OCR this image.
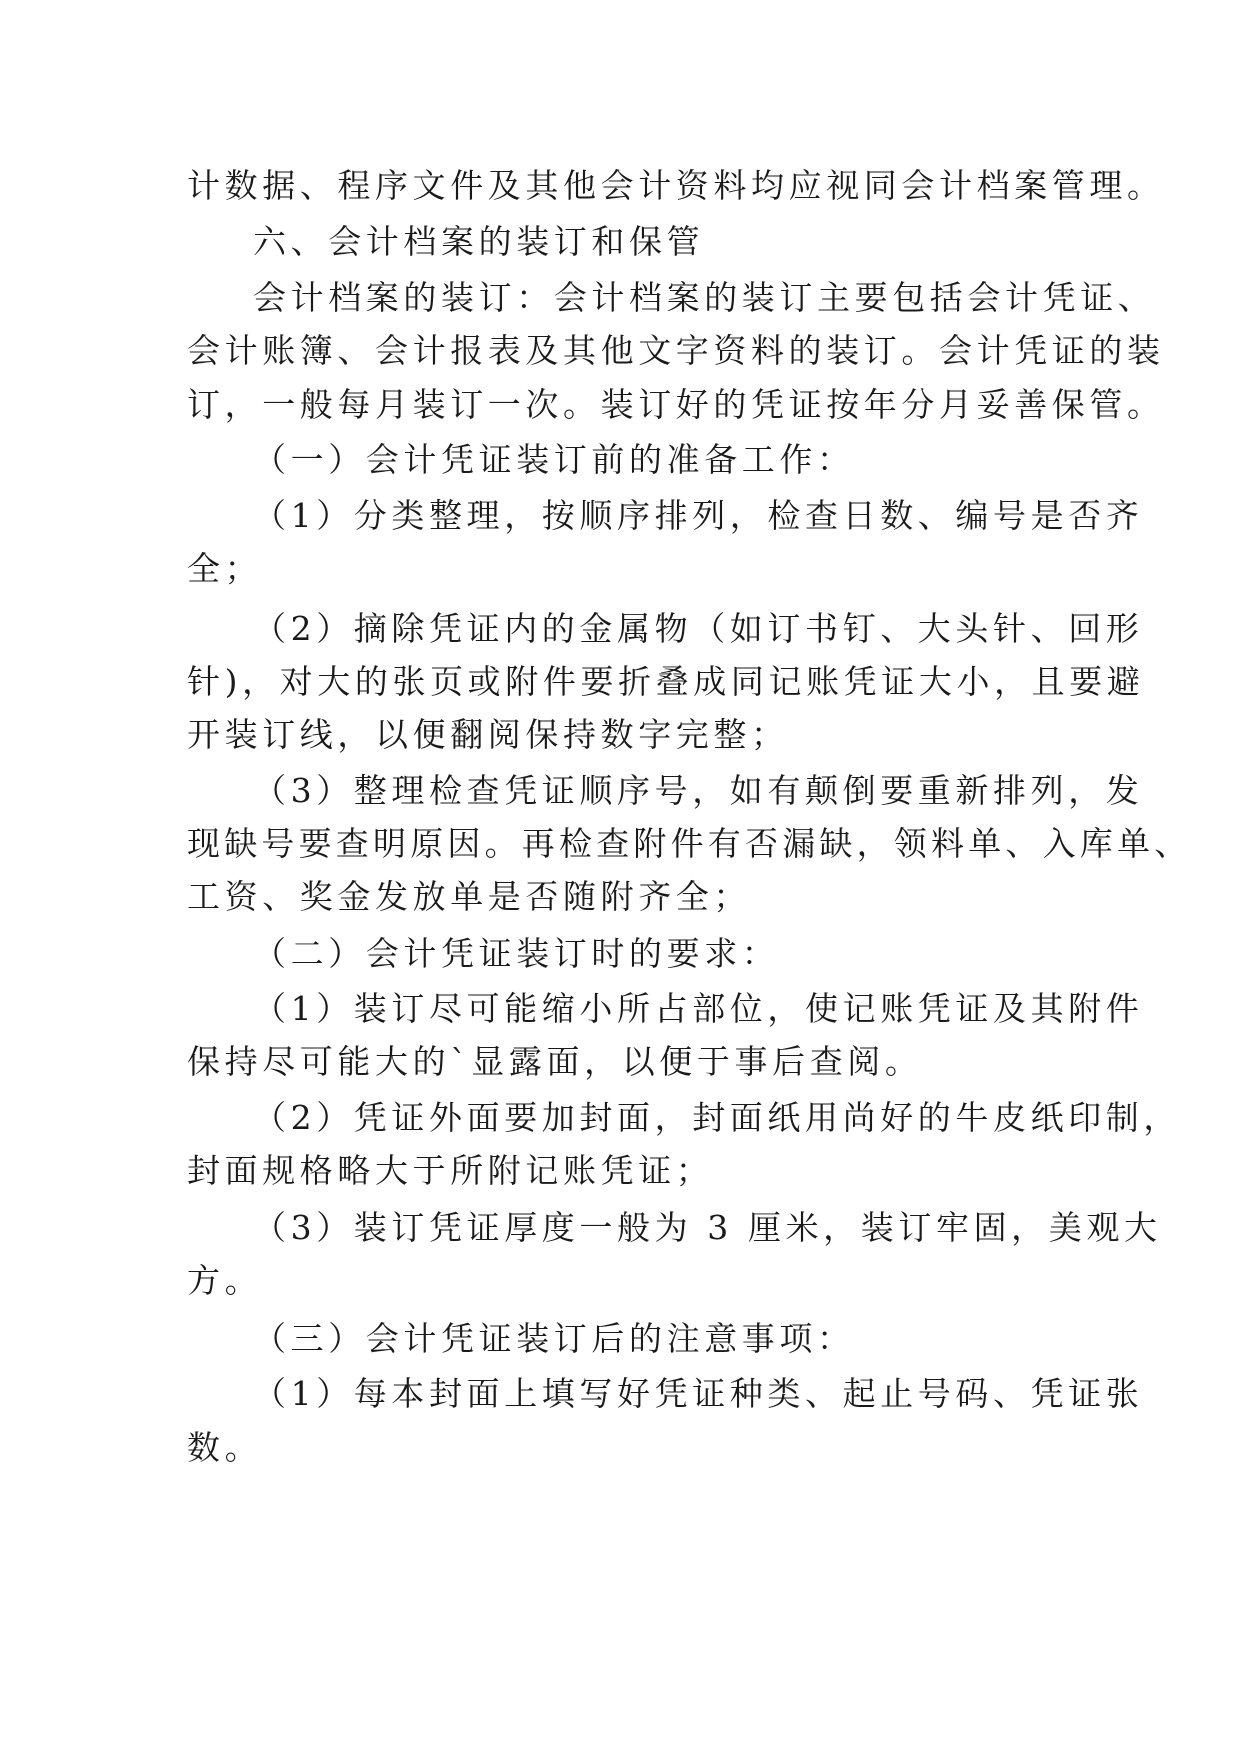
计数据、程序文件及其他会计资料均应视同会计档案管理。
六、会计档案的装订和保管
会计档案的装订：会计档案的装订主要包括会计凭证、
会计账簿、会计报表及其他文字资料的装订。会计凭证的装
订，一般每月装订一次。装订好的凭证按年分月妥善保管。
（一）会计凭证装订前的准备工作：
（1）分类整理，按顺序排列，检查日数、编号是否齐
全；
（2）摘除凭证内的金属物（如订书钉、大头针、回形
针)，对大的张页或附件要折叠成同记账凭证大小，且要避
开装订线，以便翻阅保持数字完整；
（3）整理检查凭证顺序号，如有颠倒要重新排列，发
现缺号要查明原因。再检查附件有否漏缺，领料单、入库单、
工资、奖金发放单是否随附齐全；
（二）会计凭证装订时的要求：
（1）装订尽可能缩小所占部位，使记账凭证及其附件
保持尽可能大的`显露面，以便于事后查阅。
（2）凭证外面要加封面，封面纸用尚好的牛皮纸印制，
封面规格略大于所附记账凭证；
（3）装订凭证厚度一般为 3 厘米，装订牢固，美观大
方。
（三）会计凭证装订后的注意事项：
（1）每本封面上填写好凭证种类、起止号码、凭证张
数。
